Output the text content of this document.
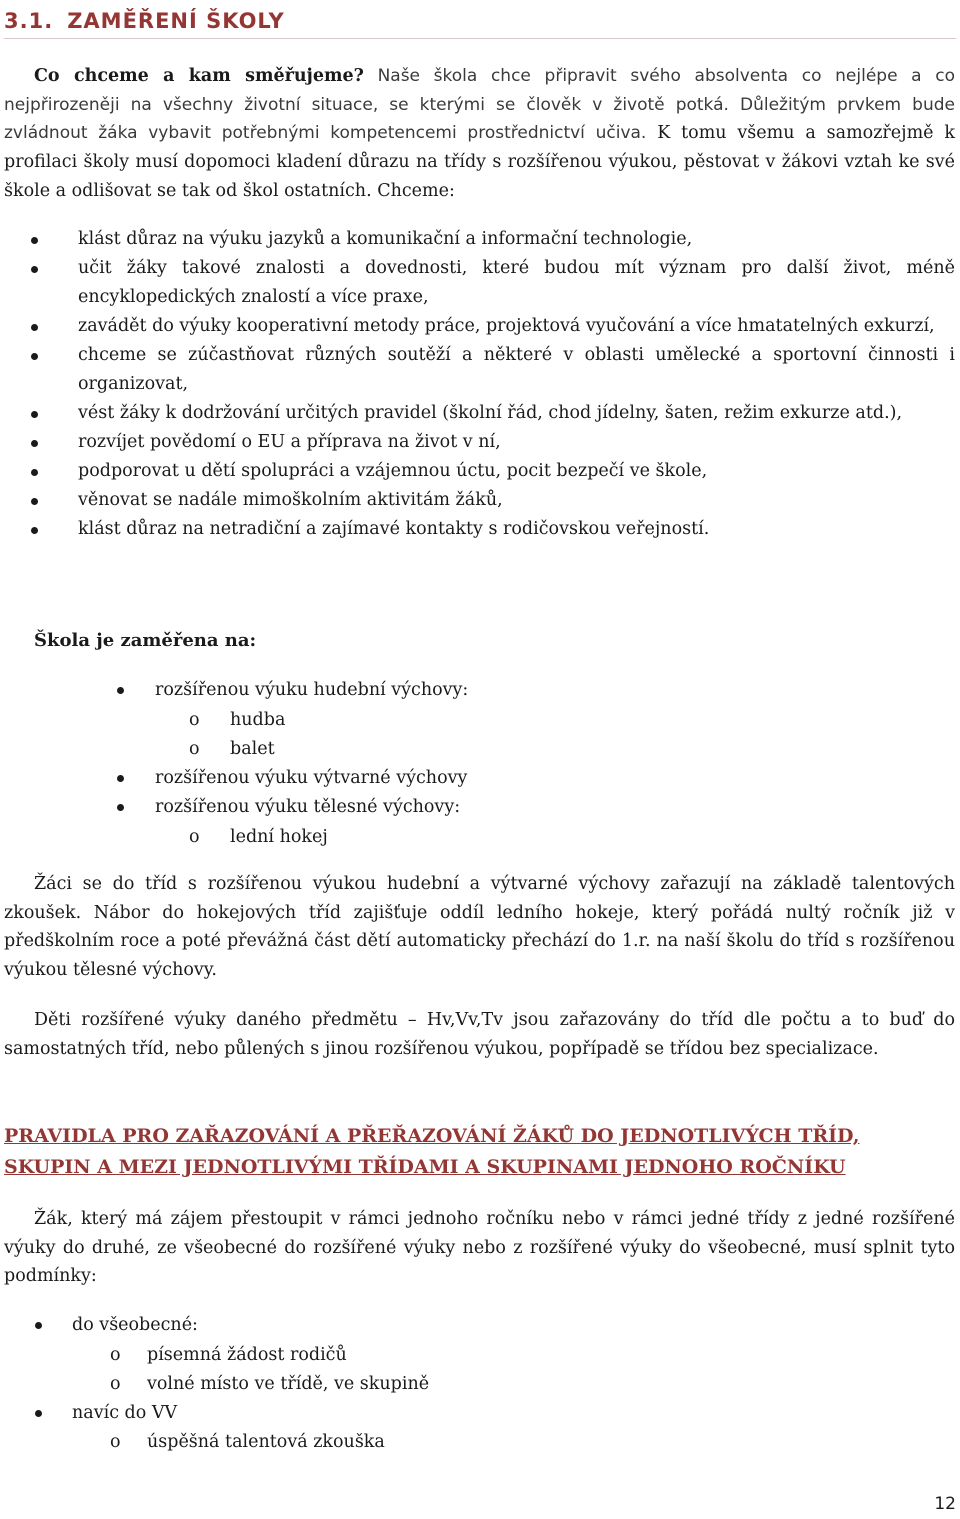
3.1. ZAMĚŘENÍ ŠKOLY

Co chceme a kam směřujeme? Naše škola chce připravit svého absolventa co nejlépe a co nejpřirozeněji na všechny životní situace, se kterými se člověk v životě potká. Důležitým prvkem bude zvládnout žáka vybavit potřebnými kompetencemi prostřednictví učiva. K tomu všemu a samozřejmě k profilaci školy musí dopomoci kladení důrazu na třídy s rozšířenou výukou, pěstovat v žákovi vztah ke své škole a odlišovat se tak od škol ostatních. Chceme:

klást důraz na výuku jazyků a komunikační a informační technologie,
učit žáky takové znalosti a dovednosti, které budou mít význam pro další život, méně encyklopedických znalostí a více praxe,
zavádět do výuky kooperativní metody práce, projektová vyučování a více hmatatelných exkurzí,
chceme se zúčastňovat různých soutěží a některé v oblasti umělecké a sportovní činnosti i organizovat,
vést žáky k dodržování určitých pravidel (školní řád, chod jídelny, šaten, režim exkurze atd.),
rozvíjet povědomí o EU a příprava na život v ní,
podporovat u dětí spolupráci a vzájemnou úctu, pocit bezpečí ve škole,
věnovat se nadále mimoškolním aktivitám žáků,
klást důraz na netradiční a zajímavé kontakty s rodičovskou veřejností.
Škola je zaměřena na:
rozšířenou výuku hudební výchovy:
o hudba
o balet
rozšířenou výuku výtvarné výchovy
rozšířenou výuku tělesné výchovy:
o lední hokej

Žáci se do tříd s rozšířenou výukou hudební a výtvarné výchovy zařazují na základě talentových zkoušek. Nábor do hokejových tříd zajišťuje oddíl ledního hokeje, který pořádá nultý ročník již v předškolním roce a poté převážná část dětí automaticky přechází do 1.r. na naší školu do tříd s rozšířenou výukou tělesné výchovy.

Děti rozšířené výuky daného předmětu – Hv,Vv,Tv jsou zařazovány do tříd dle počtu a to buď do samostatných tříd, nebo půlených s jinou rozšířenou výukou, popřípadě se třídou bez specializace.

PRAVIDLA PRO ZAŘAZOVÁNÍ A PŘEŘAZOVÁNÍ ŽÁKŮ DO JEDNOTLIVÝCH TŘÍD,
SKUPIN A MEZI JEDNOTLIVÝMI TŘÍDAMI A SKUPINAMI JEDNOHO ROČNÍKU

Žák, který má zájem přestoupit v rámci jednoho ročníku nebo v rámci jedné třídy z jedné rozšířené výuky do druhé, ze všeobecné do rozšířené výuky nebo z rozšířené výuky do všeobecné, musí splnit tyto podmínky:

do všeobecné:
o písemná žádost rodičů
o volné místo ve třídě, ve skupině
navíc do VV
o úspěšná talentová zkouška
12
